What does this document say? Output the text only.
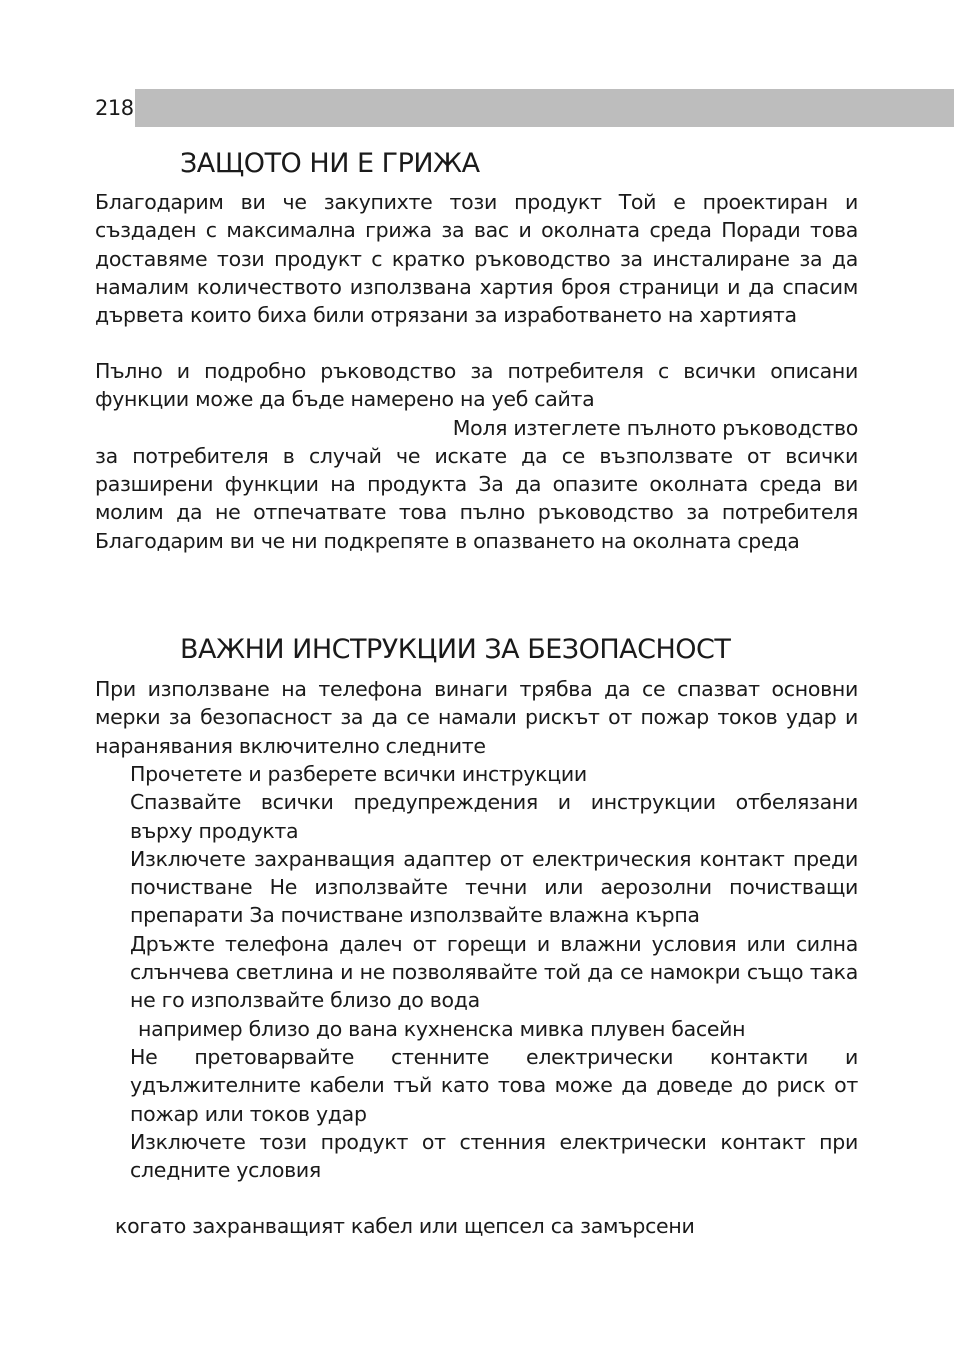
218
ЗАЩОТО НИ Е ГРИЖА

Благодарим ви че закупихте този продукт Той е проектиран и създаден с максимална грижа за вас и околната среда Поради това доставяме този продукт с кратко ръководство за инсталиране за да намалим количеството използвана хартия броя страници и да спасим дървета които биха били отрязани за изработването на хартията

Пълно и подробно ръководство за потребителя с всички описани функции може да бъде намерено на уеб сайта
Моля изтеглете пълното ръководство
за потребителя в случай че искате да се възползвате от всички разширени функции на продукта За да опазите околната среда ви молим да не отпечатвате това пълно ръководство за потребителя Благодарим ви че ни подкрепяте в опазването на околната среда
ВАЖНИ ИНСТРУКЦИИ ЗА БЕЗОПАСНОСТ

При използване на телефона винаги трябва да се спазват основни мерки за безопасност за да се намали рискът от пожар токов удар и наранявания включително следните

Прочетете и разберете всички инструкции
Спазвайте всички предупреждения и инструкции отбелязани върху продукта
Изключете захранващия адаптер от електрическия контакт преди почистване Не използвайте течни или аерозолни почистващи препарати За почистване използвайте влажна кърпа
Дръжте телефона далеч от горещи и влажни условия или силна слънчева светлина и не позволявайте той да се намокри също така не го използвайте близо до вода
например близо до вана кухненска мивка плувен басейн
Не претоварвайте стенните електрически контакти и удължителните кабели тъй като това може да доведе до риск от пожар или токов удар
Изключете този продукт от стенния електрически контакт при следните условия

когато захранващият кабел или щепсел са замърсени
